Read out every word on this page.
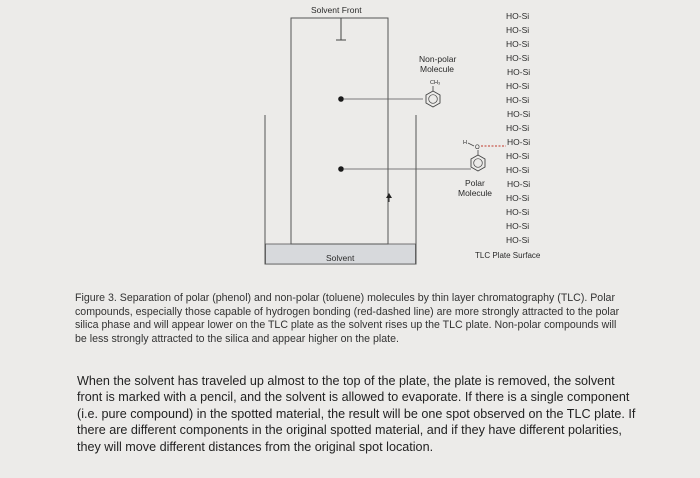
Solvent Front
Solvent
Non-polar
Molecule
CH₃
H
O
Polar
Molecule
HO-Si
HO-Si
HO-Si
HO-Si
HO-Si
HO-Si
HO-Si
HO-Si
HO-Si
HO-Si
HO-Si
HO-Si
HO-Si
HO-Si
HO-Si
HO-Si
HO-Si
TLC Plate Surface

Figure 3. Separation of polar (phenol) and non-polar (toluene) molecules by thin layer chromatography (TLC). Polar compounds, especially those capable of hydrogen bonding (red-dashed line) are more strongly attracted to the polar silica phase and will appear lower on the TLC plate as the solvent rises up the TLC plate. Non-polar compounds will be less strongly attracted to the silica and appear higher on the plate.

When the solvent has traveled up almost to the top of the plate, the plate is removed, the solvent front is marked with a pencil, and the solvent is allowed to evaporate. If there is a single component (i.e. pure compound) in the spotted material, the result will be one spot observed on the TLC plate. If there are different components in the original spotted material, and if they have different polarities, they will move different distances from the original spot location.
